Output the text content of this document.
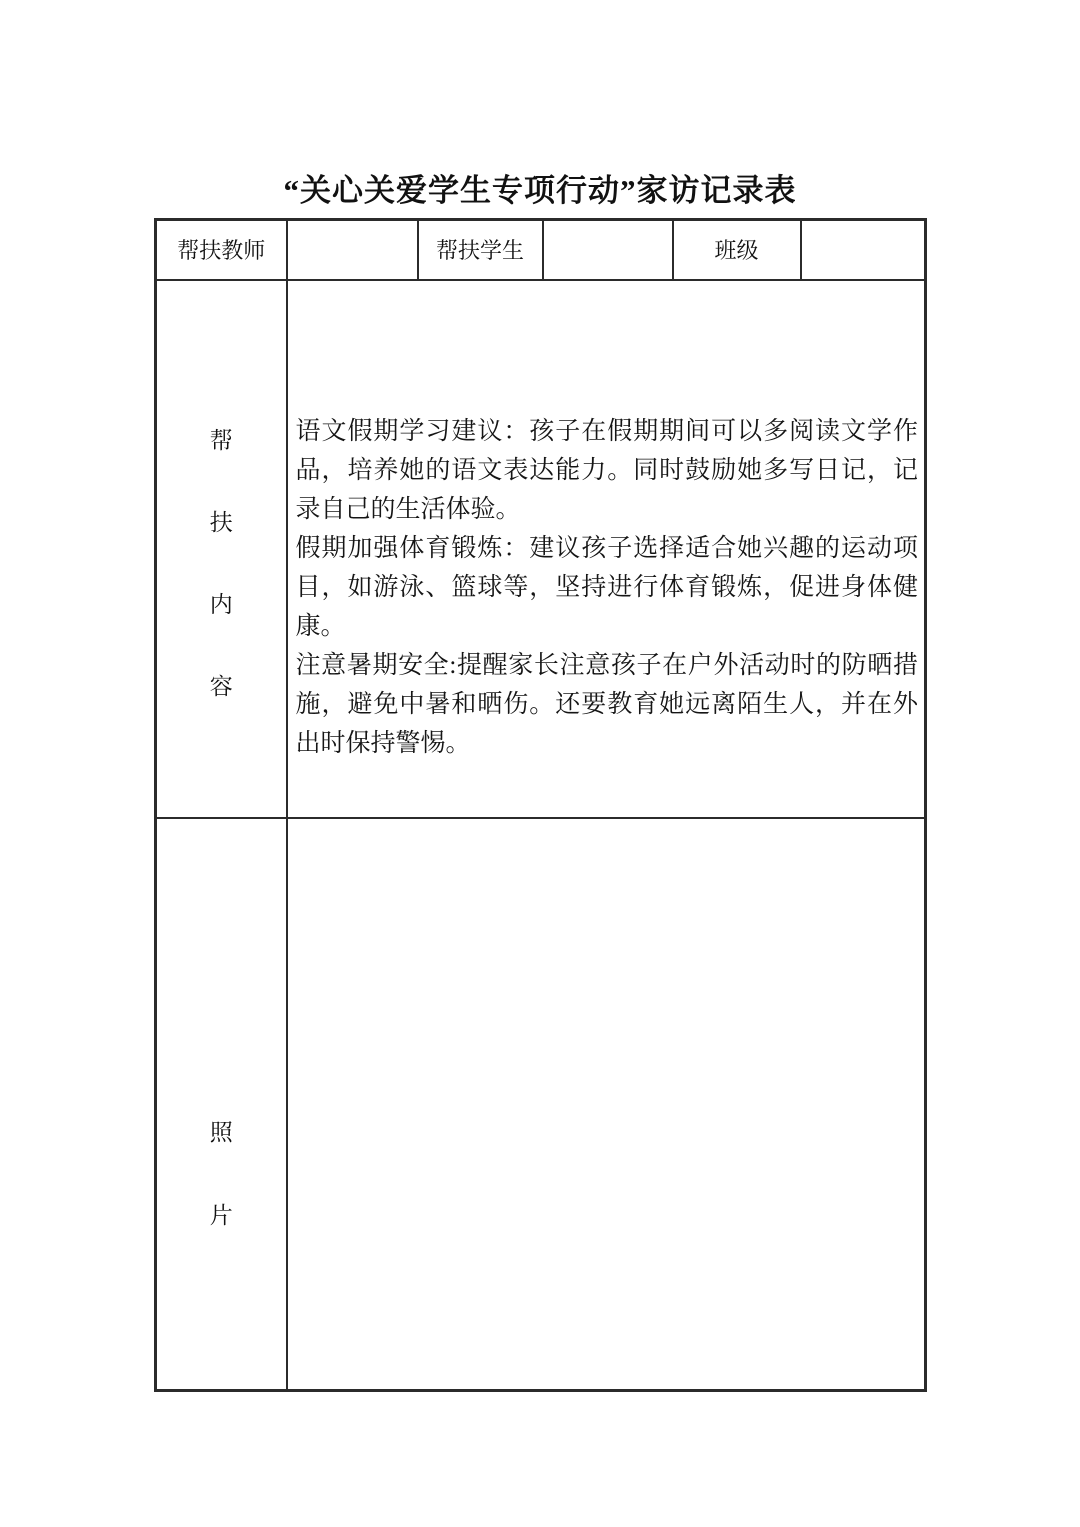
“关心关爱学生专项行动”家访记录表
帮扶教师		帮扶学生		班级	

帮
扶
内
容

语文假期学习建议：孩子在假期期间可以多阅读文学作品，培养她的语文表达能力。同时鼓励她多写日记，记录自己的生活体验。

假期加强体育锻炼：建议孩子选择适合她兴趣的运动项目，如游泳、篮球等，坚持进行体育锻炼，促进身体健康。

注意暑期安全:提醒家长注意孩子在户外活动时的防晒措施，避免中暑和晒伤。还要教育她远离陌生人，并在外出时保持警惕。

照
片					
